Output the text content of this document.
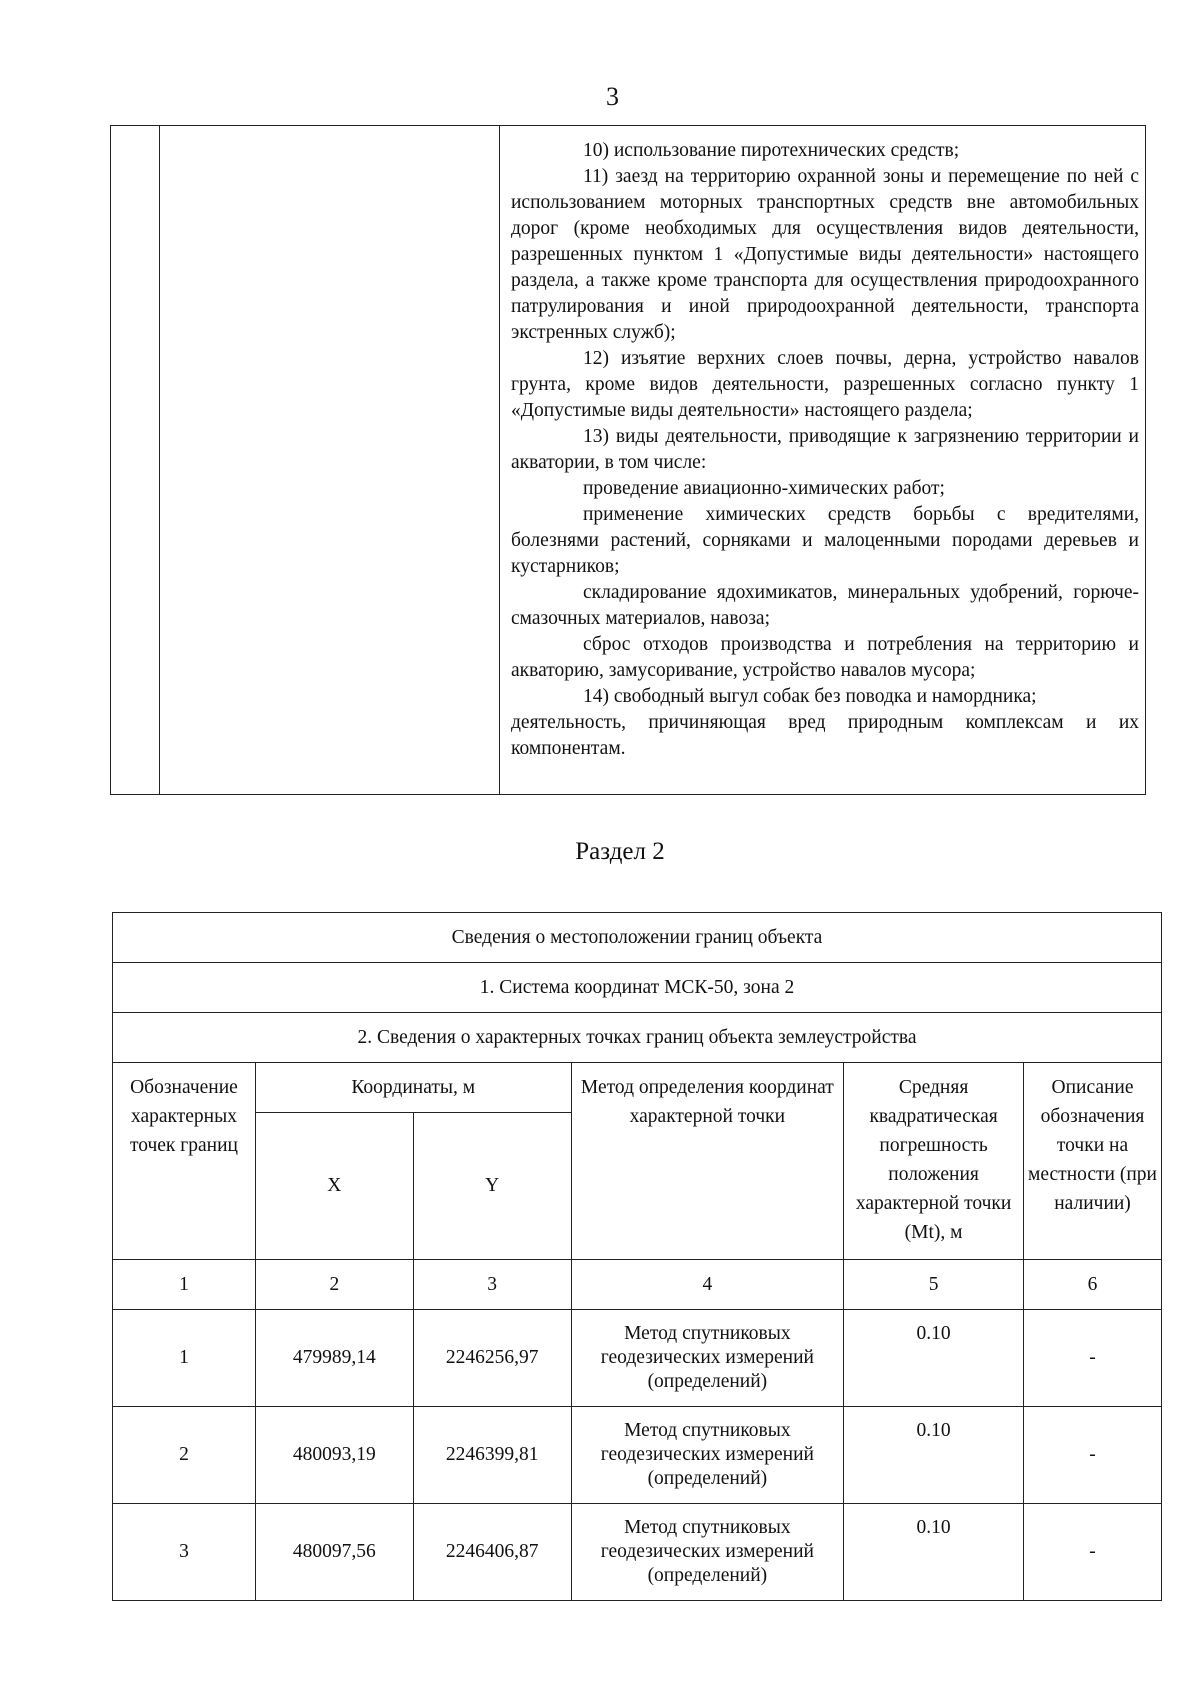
3

10) использование пиротехнических средств;

11) заезд на территорию охранной зоны и перемещение по ней с использованием моторных транспортных средств вне автомобильных дорог (кроме необходимых для осуществления видов деятельности, разрешенных пунктом 1 «Допустимые виды деятельности» настоящего раздела, а также кроме транспорта для осуществления природоохранного патрулирования и иной природоохранной деятельности, транспорта экстренных служб);

12) изъятие верхних слоев почвы, дерна, устройство навалов грунта, кроме видов деятельности, разрешенных согласно пункту 1 «Допустимые виды деятельности» настоящего раздела;

13) виды деятельности, приводящие к загрязнению территории и акватории, в том числе:

проведение авиационно-химических работ;

применение химических средств борьбы с вредителями, болезнями растений, сорняками и малоценными породами деревьев и кустарников;

складирование ядохимикатов, минеральных удобрений, горюче-смазочных материалов, навоза;

сброс отходов производства и потребления на территорию и акваторию, замусоривание, устройство навалов мусора;

14) свободный выгул собак без поводка и намордника;

деятельность, причиняющая вред природным комплексам и их компонентам.

Раздел 2
Сведения о местоположении границ объекта					
1. Система координат МСК-50, зона 2					
2. Сведения о характерных точках границ объекта землеустройства					
Обозначение характерных точек границ	Координаты, м		Метод определения координат характерной точки	Средняя квадратическая погрешность положения характерной точки (Mt), м	Описание обозначения точки на местности (при наличии)
	X	Y			
1	2	3	4	5	6
1	479989,14	2246256,97	Метод спутниковых геодезических измерений (определений)	0.10	-
2	480093,19	2246399,81	Метод спутниковых геодезических измерений (определений)	0.10	-
3	480097,56	2246406,87	Метод спутниковых геодезических измерений (определений)	0.10	-
